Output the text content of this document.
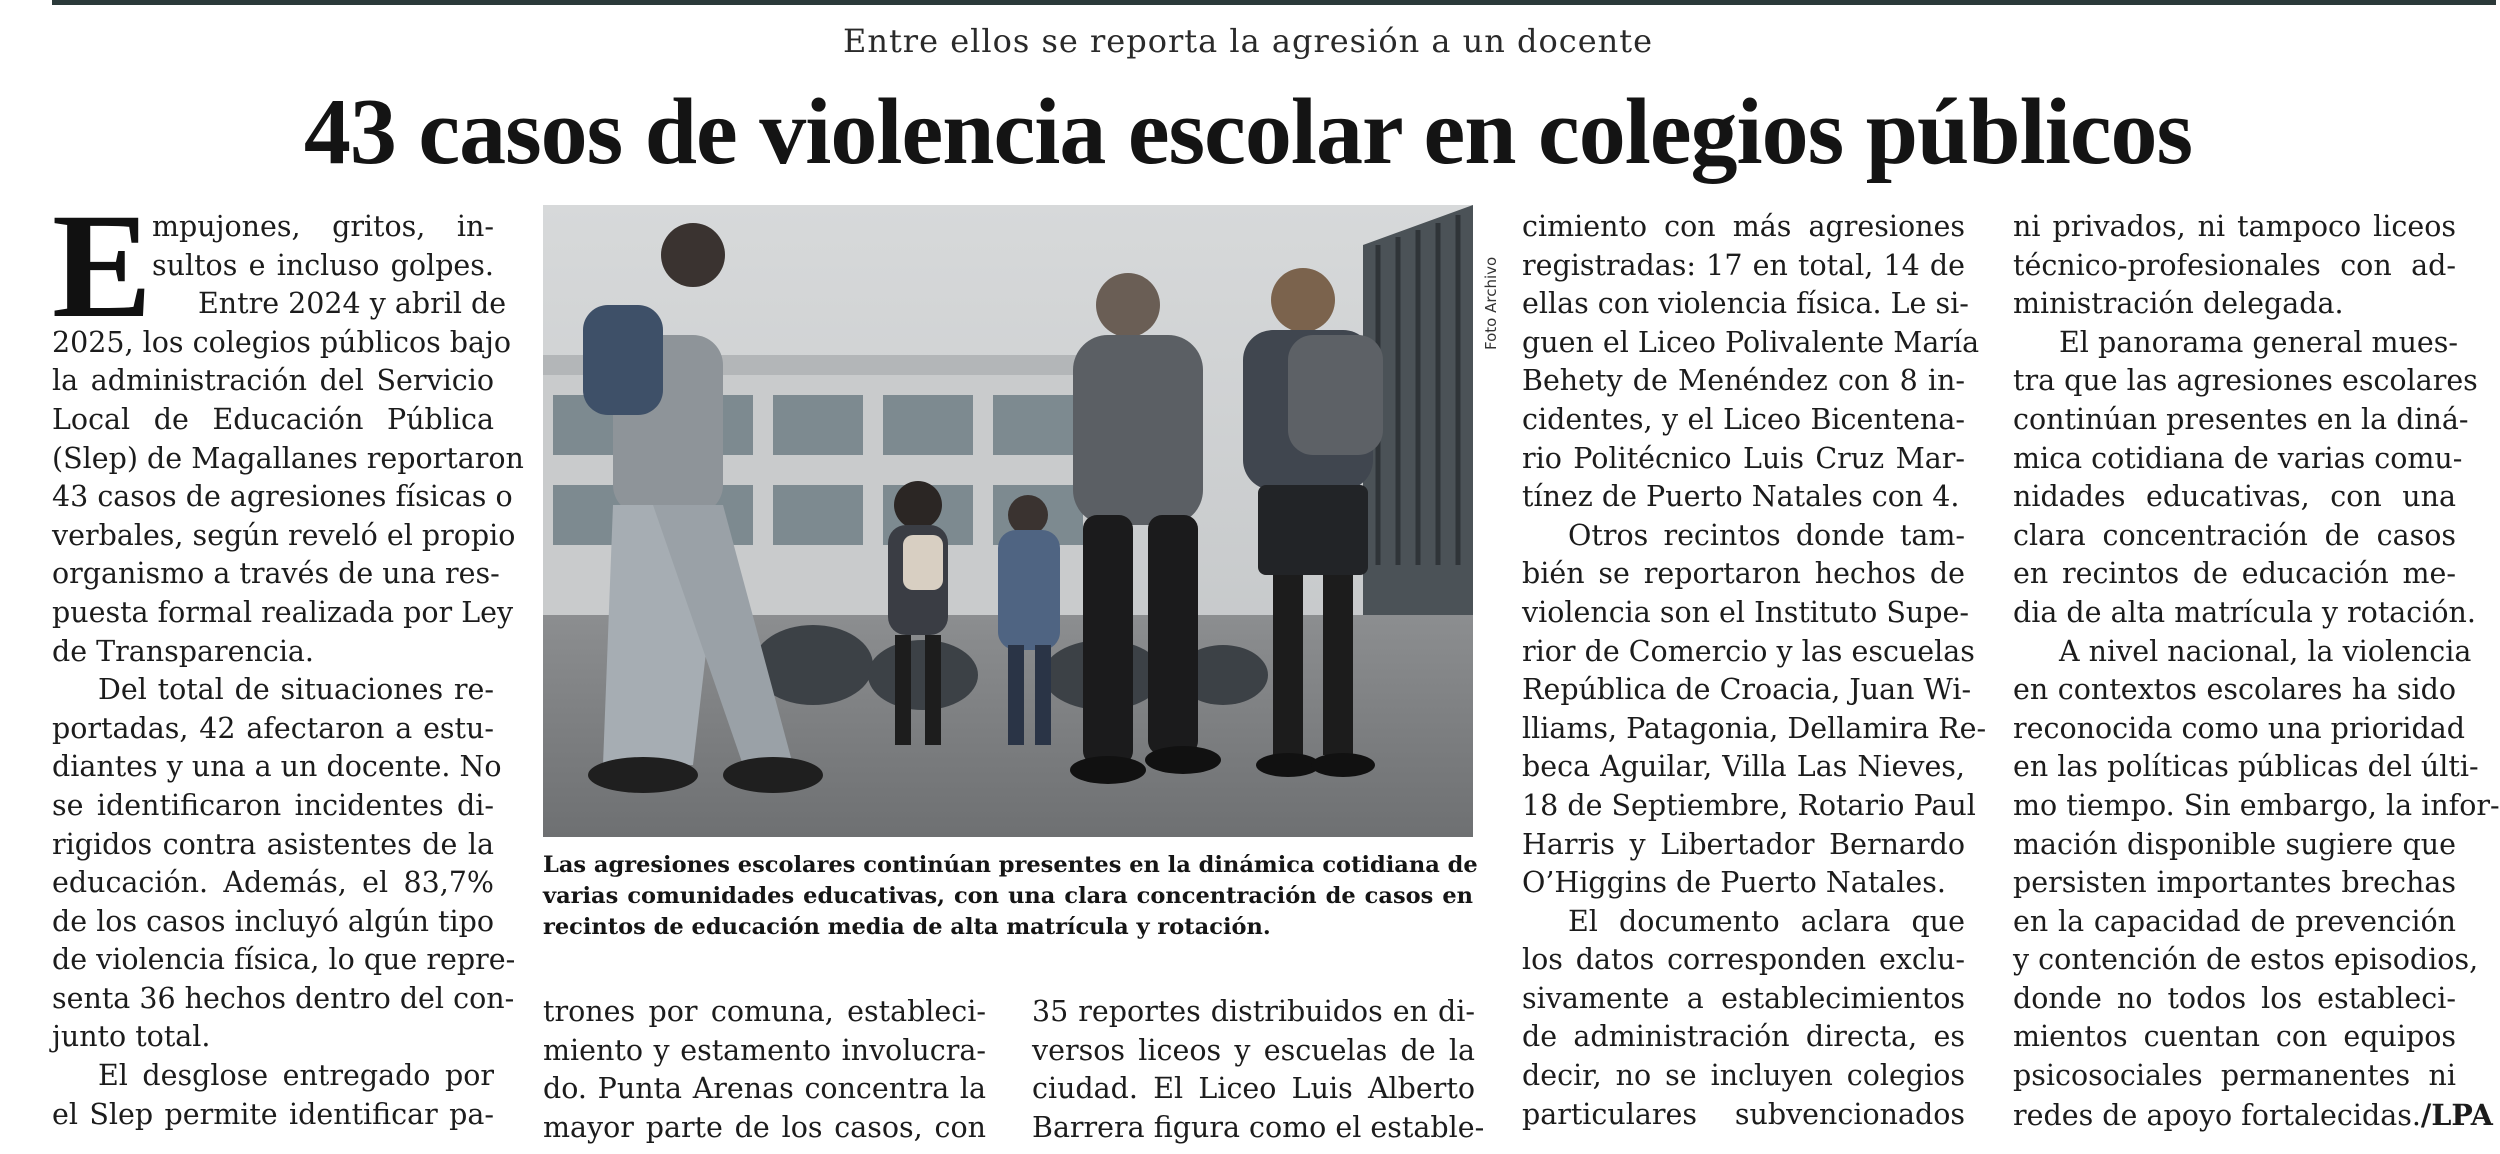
Entre ellos se reporta la agresión a un docente
43 casos de violencia escolar en colegios públicos
E mpujones, gritos, in-
sultos e incluso golpes.
Entre 2024 y abril de
2025, los colegios públicos bajo
la administración del Servicio
Local de Educación Pública
(Slep) de Magallanes reportaron
43 casos de agresiones físicas o
verbales, según reveló el propio
organismo a través de una res-
puesta formal realizada por Ley
de Transparencia.
Del total de situaciones re-
portadas, 42 afectaron a estu-
diantes y una a un docente. No
se identificaron incidentes di-
rigidos contra asistentes de la
educación. Además, el 83,7%
de los casos incluyó algún tipo
de violencia física, lo que repre-
senta 36 hechos dentro del con-
junto total.
El desglose entregado por
el Slep permite identificar pa-
Foto Archivo
Las agresiones escolares continúan presentes en la dinámica cotidiana de
varias comunidades educativas, con una clara concentración de casos en
recintos de educación media de alta matrícula y rotación.
trones por comuna, estableci-
miento y estamento involucra-
do. Punta Arenas concentra la
mayor parte de los casos, con
35 reportes distribuidos en di-
versos liceos y escuelas de la
ciudad. El Liceo Luis Alberto
Barrera figura como el estable-
cimiento con más agresiones
registradas: 17 en total, 14 de
ellas con violencia física. Le si-
guen el Liceo Polivalente María
Behety de Menéndez con 8 in-
cidentes, y el Liceo Bicentena-
rio Politécnico Luis Cruz Mar-
tínez de Puerto Natales con 4.
Otros recintos donde tam-
bién se reportaron hechos de
violencia son el Instituto Supe-
rior de Comercio y las escuelas
República de Croacia, Juan Wi-
lliams, Patagonia, Dellamira Re-
beca Aguilar, Villa Las Nieves,
18 de Septiembre, Rotario Paul
Harris y Libertador Bernardo
O’Higgins de Puerto Natales.
El documento aclara que
los datos corresponden exclu-
sivamente a establecimientos
de administración directa, es
decir, no se incluyen colegios
particulares subvencionados
ni privados, ni tampoco liceos
técnico-profesionales con ad-
ministración delegada.
El panorama general mues-
tra que las agresiones escolares
continúan presentes en la diná-
mica cotidiana de varias comu-
nidades educativas, con una
clara concentración de casos
en recintos de educación me-
dia de alta matrícula y rotación.
A nivel nacional, la violencia
en contextos escolares ha sido
reconocida como una prioridad
en las políticas públicas del últi-
mo tiempo. Sin embargo, la infor-
mación disponible sugiere que
persisten importantes brechas
en la capacidad de prevención
y contención de estos episodios,
donde no todos los estableci-
mientos cuentan con equipos
psicosociales permanentes ni
redes de apoyo fortalecidas./LPA
